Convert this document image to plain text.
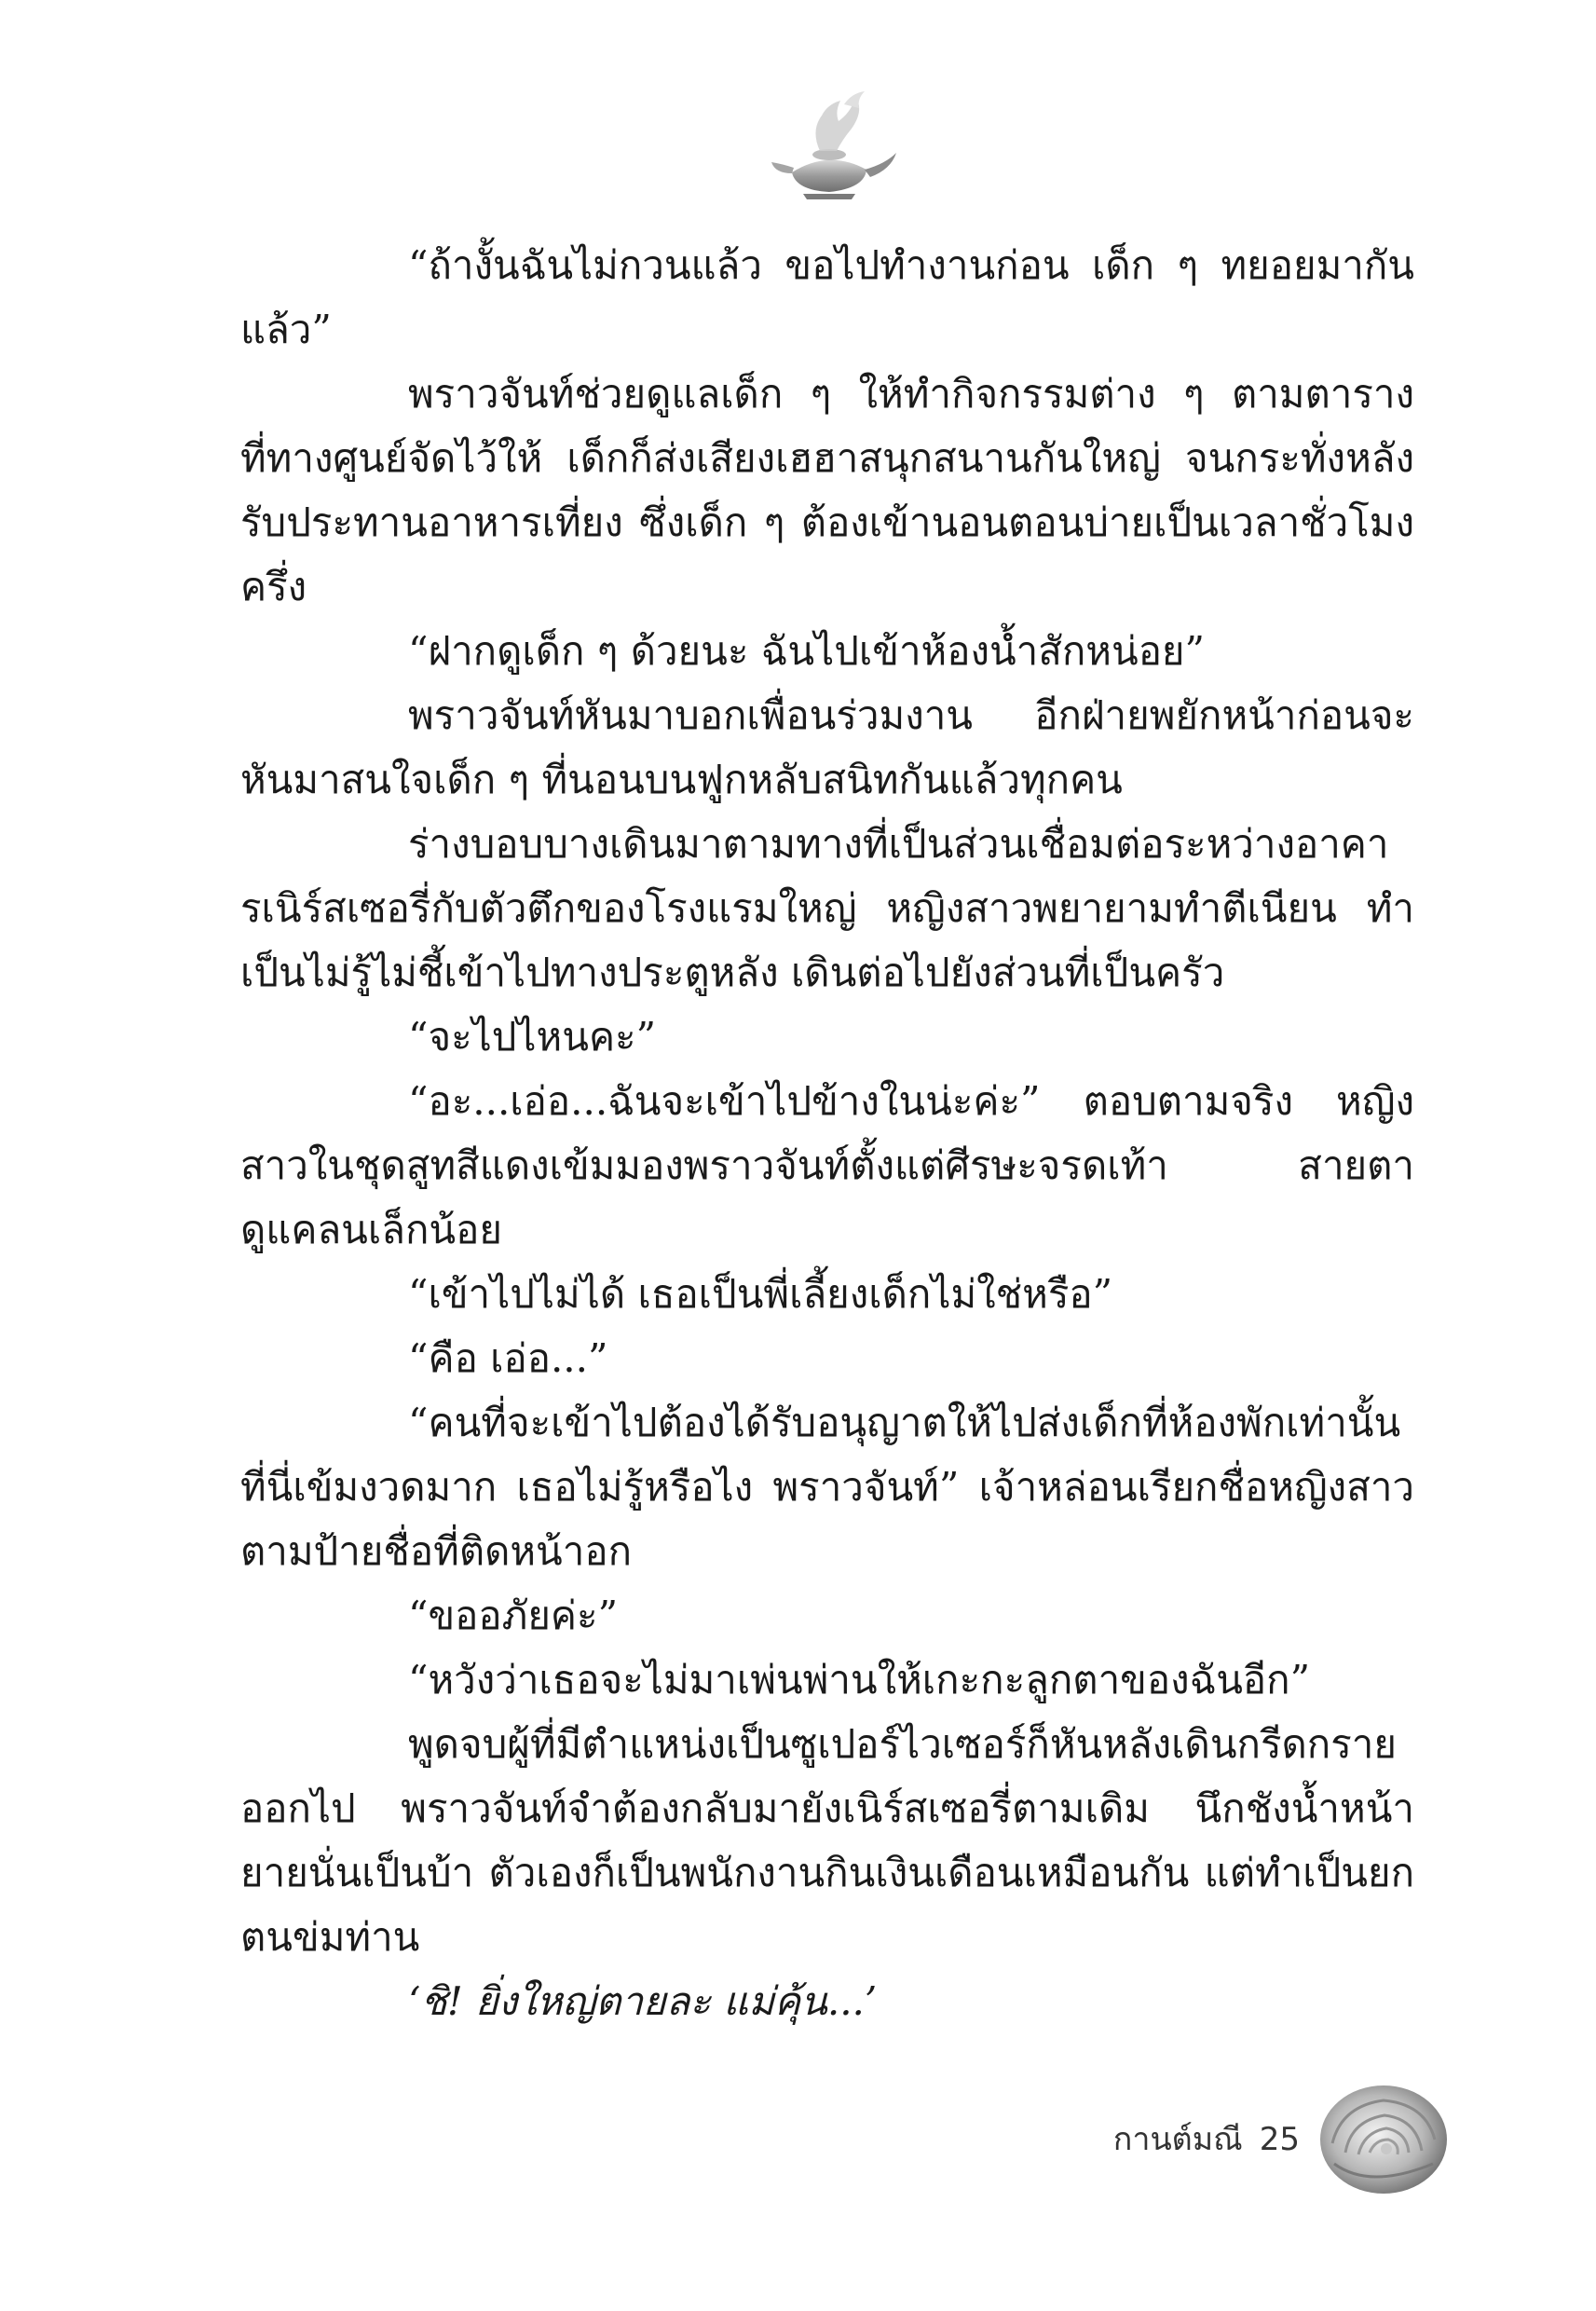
“ถ้างั้นฉันไม่กวนแล้ว ขอไปทำงานก่อน เด็ก ๆ ทยอยมากันแล้ว”

พราวจันท์ช่วยดูแลเด็ก ๆ ให้ทำกิจกรรมต่าง ๆ ตามตารางที่ทางศูนย์จัดไว้ให้ เด็กก็ส่งเสียงเฮฮาสนุกสนานกันใหญ่ จนกระทั่งหลังรับประทานอาหารเที่ยง ซึ่งเด็ก ๆ ต้องเข้านอนตอนบ่ายเป็นเวลาชั่วโมงครึ่ง

“ฝากดูเด็ก ๆ ด้วยนะ ฉันไปเข้าห้องน้ำสักหน่อย”

พราวจันท์หันมาบอกเพื่อนร่วมงาน อีกฝ่ายพยักหน้าก่อนจะหันมาสนใจเด็ก ๆ ที่นอนบนฟูกหลับสนิทกันแล้วทุกคน

ร่างบอบบางเดินมาตามทางที่เป็นส่วนเชื่อมต่อระหว่างอาคารเนิร์สเซอรี่กับตัวตึกของโรงแรมใหญ่ หญิงสาวพยายามทำตีเนียน ทำเป็นไม่รู้ไม่ชี้เข้าไปทางประตูหลัง เดินต่อไปยังส่วนที่เป็นครัว

“จะไปไหนคะ”

“อะ...เอ่อ...ฉันจะเข้าไปข้างในน่ะค่ะ” ตอบตามจริง หญิงสาวในชุดสูทสีแดงเข้มมองพราวจันท์ตั้งแต่ศีรษะจรดเท้า สายตาดูแคลนเล็กน้อย

“เข้าไปไม่ได้ เธอเป็นพี่เลี้ยงเด็กไม่ใช่หรือ”

“คือ เอ่อ...”

“คนที่จะเข้าไปต้องได้รับอนุญาตให้ไปส่งเด็กที่ห้องพักเท่านั้น ที่นี่เข้มงวดมาก เธอไม่รู้หรือไง พราวจันท์” เจ้าหล่อนเรียกชื่อหญิงสาวตามป้ายชื่อที่ติดหน้าอก

“ขออภัยค่ะ”

“หวังว่าเธอจะไม่มาเพ่นพ่านให้เกะกะลูกตาของฉันอีก”

พูดจบผู้ที่มีตำแหน่งเป็นซูเปอร์ไวเซอร์ก็หันหลังเดินกรีดกรายออกไป พราวจันท์จำต้องกลับมายังเนิร์สเซอรี่ตามเดิม นึกชังน้ำหน้ายายนั่นเป็นบ้า ตัวเองก็เป็นพนักงานกินเงินเดือนเหมือนกัน แต่ทำเป็นยกตนข่มท่าน

‘ชิ! ยิ่งใหญ่ตายละ แม่คุ้น...’

กานต์มณี 25
